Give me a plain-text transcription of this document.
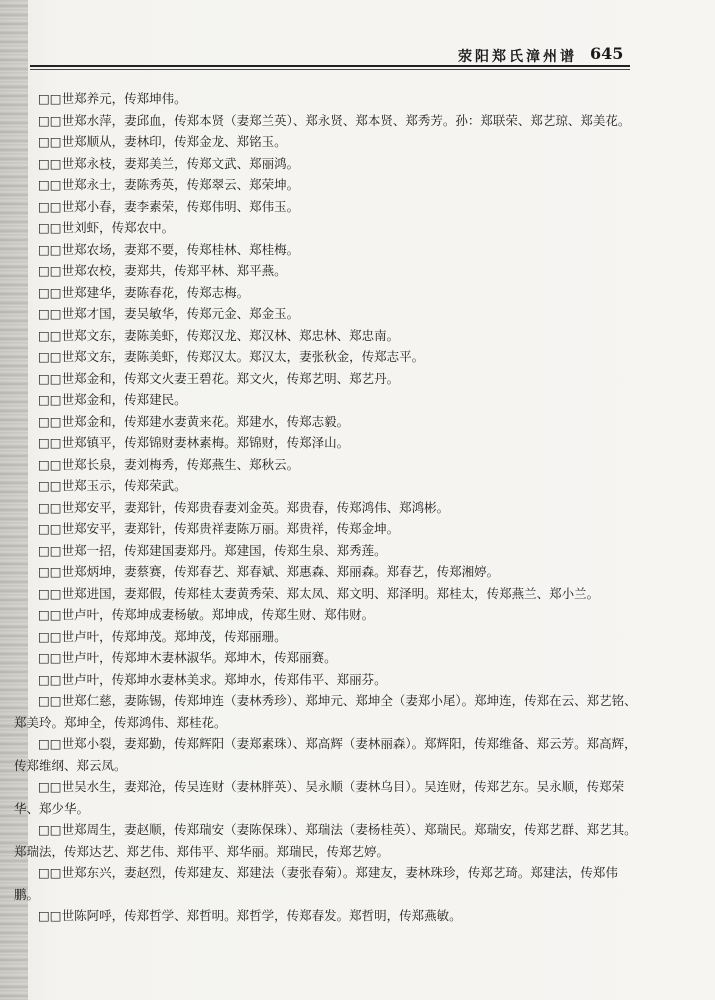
荥阳郑氏漳州谱 645

□□世郑养元，传郑坤伟。

□□世郑水萍，妻邱血，传郑本贤（妻郑兰英）、郑永贤、郑本贤、郑秀芳。孙：郑联荣、郑艺琼、郑美花。

□□世郑顺从，妻林印，传郑金龙、郑铭玉。

□□世郑永枝，妻郑美兰，传郑文武、郑丽鸿。

□□世郑永士，妻陈秀英，传郑翠云、郑荣坤。

□□世郑小春，妻李素荣，传郑伟明、郑伟玉。

□□世刘虾，传郑农中。

□□世郑农场，妻郑不要，传郑桂林、郑桂梅。

□□世郑农校，妻郑共，传郑平林、郑平燕。

□□世郑建华，妻陈春花，传郑志梅。

□□世郑才国，妻吴敏华，传郑元金、郑金玉。

□□世郑文东，妻陈美虾，传郑汉龙、郑汉林、郑忠林、郑忠南。

□□世郑文东，妻陈美虾，传郑汉太。郑汉太，妻张秋金，传郑志平。

□□世郑金和，传郑文火妻王碧花。郑文火，传郑艺明、郑艺丹。

□□世郑金和，传郑建民。

□□世郑金和，传郑建水妻黄来花。郑建水，传郑志毅。

□□世郑镇平，传郑锦财妻林素梅。郑锦财，传郑泽山。

□□世郑长泉，妻刘梅秀，传郑燕生、郑秋云。

□□世郑玉示，传郑荣武。

□□世郑安平，妻郑针，传郑贵春妻刘金英。郑贵春，传郑鸿伟、郑鸿彬。

□□世郑安平，妻郑针，传郑贵祥妻陈万丽。郑贵祥，传郑金坤。

□□世郑一招，传郑建国妻郑丹。郑建国，传郑生泉、郑秀莲。

□□世郑炳坤，妻蔡赛，传郑春艺、郑春斌、郑惠森、郑丽森。郑春艺，传郑湘婷。

□□世郑进国，妻郑假，传郑桂太妻黄秀荣、郑太凤、郑文明、郑泽明。郑桂太，传郑燕兰、郑小兰。

□□世卢叶，传郑坤成妻杨敏。郑坤成，传郑生财、郑伟财。

□□世卢叶，传郑坤茂。郑坤茂，传郑丽珊。

□□世卢叶，传郑坤木妻林淑华。郑坤木，传郑丽赛。

□□世卢叶，传郑坤水妻林美求。郑坤水，传郑伟平、郑丽芬。

□□世郑仁慈，妻陈锡，传郑坤连（妻林秀珍）、郑坤元、郑坤全（妻郑小尾）。郑坤连，传郑在云、郑艺铭、郑美玲。郑坤全，传郑鸿伟、郑桂花。

□□世郑小裂，妻郑勤，传郑辉阳（妻郑素珠）、郑高辉（妻林丽森）。郑辉阳，传郑维备、郑云芳。郑高辉，传郑维纲、郑云凤。

□□世吴水生，妻郑沧，传吴连财（妻林胖英）、吴永顺（妻林乌目）。吴连财，传郑艺东。吴永顺，传郑荣华、郑少华。

□□世郑周生，妻赵顺，传郑瑞安（妻陈保珠）、郑瑞法（妻杨桂英）、郑瑞民。郑瑞安，传郑艺群、郑艺其。郑瑞法，传郑达艺、郑艺伟、郑伟平、郑华丽。郑瑞民，传郑艺婷。

□□世郑东兴，妻赵烈，传郑建友、郑建法（妻张春菊）。郑建友，妻林珠珍，传郑艺琦。郑建法，传郑伟鹏。

□□世陈阿呼，传郑哲学、郑哲明。郑哲学，传郑春发。郑哲明，传郑燕敏。
